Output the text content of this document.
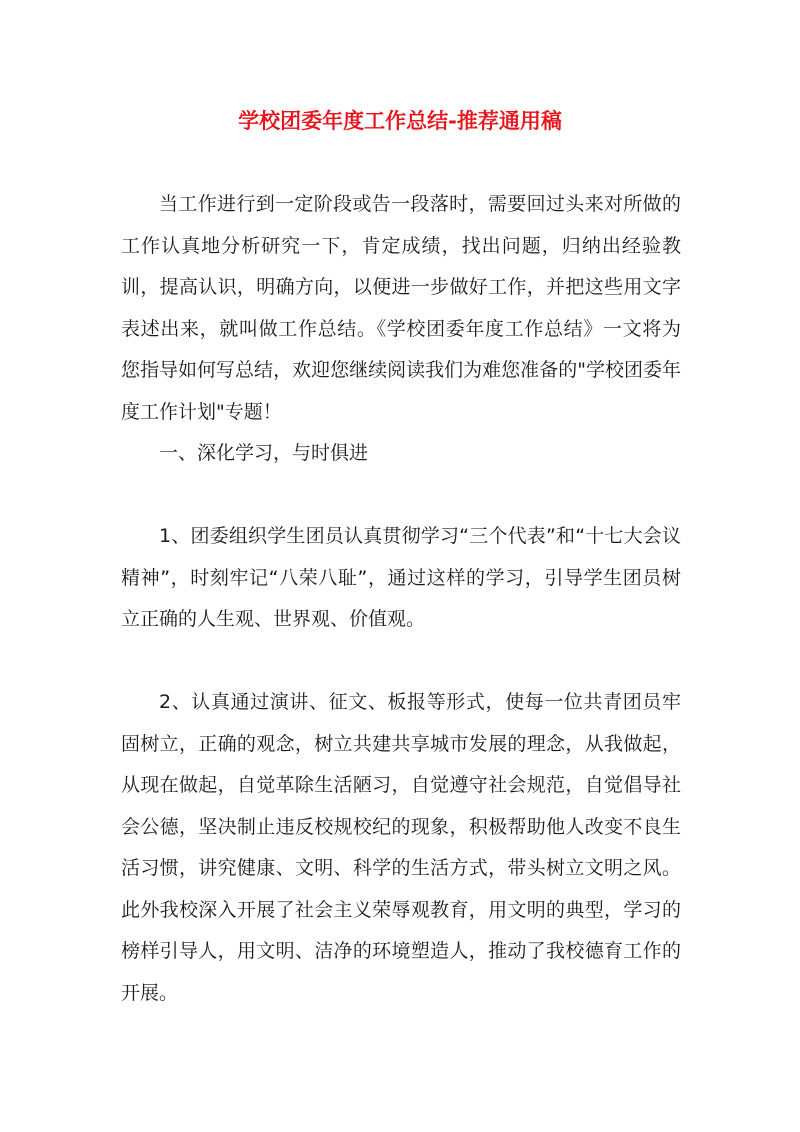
学校团委年度工作总结-推荐通用稿

当工作进行到一定阶段或告一段落时，需要回过头来对所做的工作认真地分析研究一下，肯定成绩，找出问题，归纳出经验教训，提高认识，明确方向，以便进一步做好工作，并把这些用文字表述出来，就叫做工作总结。《学校团委年度工作总结》一文将为您指导如何写总结，欢迎您继续阅读我们为难您准备的"学校团委年度工作计划"专题！

一、深化学习，与时俱进

1、团委组织学生团员认真贯彻学习“三个代表”和“十七大会议精神”，时刻牢记“八荣八耻”，通过这样的学习，引导学生团员树立正确的人生观、世界观、价值观。

2、认真通过演讲、征文、板报等形式，使每一位共青团员牢固树立，正确的观念，树立共建共享城市发展的理念，从我做起，从现在做起，自觉革除生活陋习，自觉遵守社会规范，自觉倡导社会公德，坚决制止违反校规校纪的现象，积极帮助他人改变不良生活习惯，讲究健康、文明、科学的生活方式，带头树立文明之风。此外我校深入开展了社会主义荣辱观教育，用文明的典型，学习的榜样引导人，用文明、洁净的环境塑造人，推动了我校德育工作的开展。
